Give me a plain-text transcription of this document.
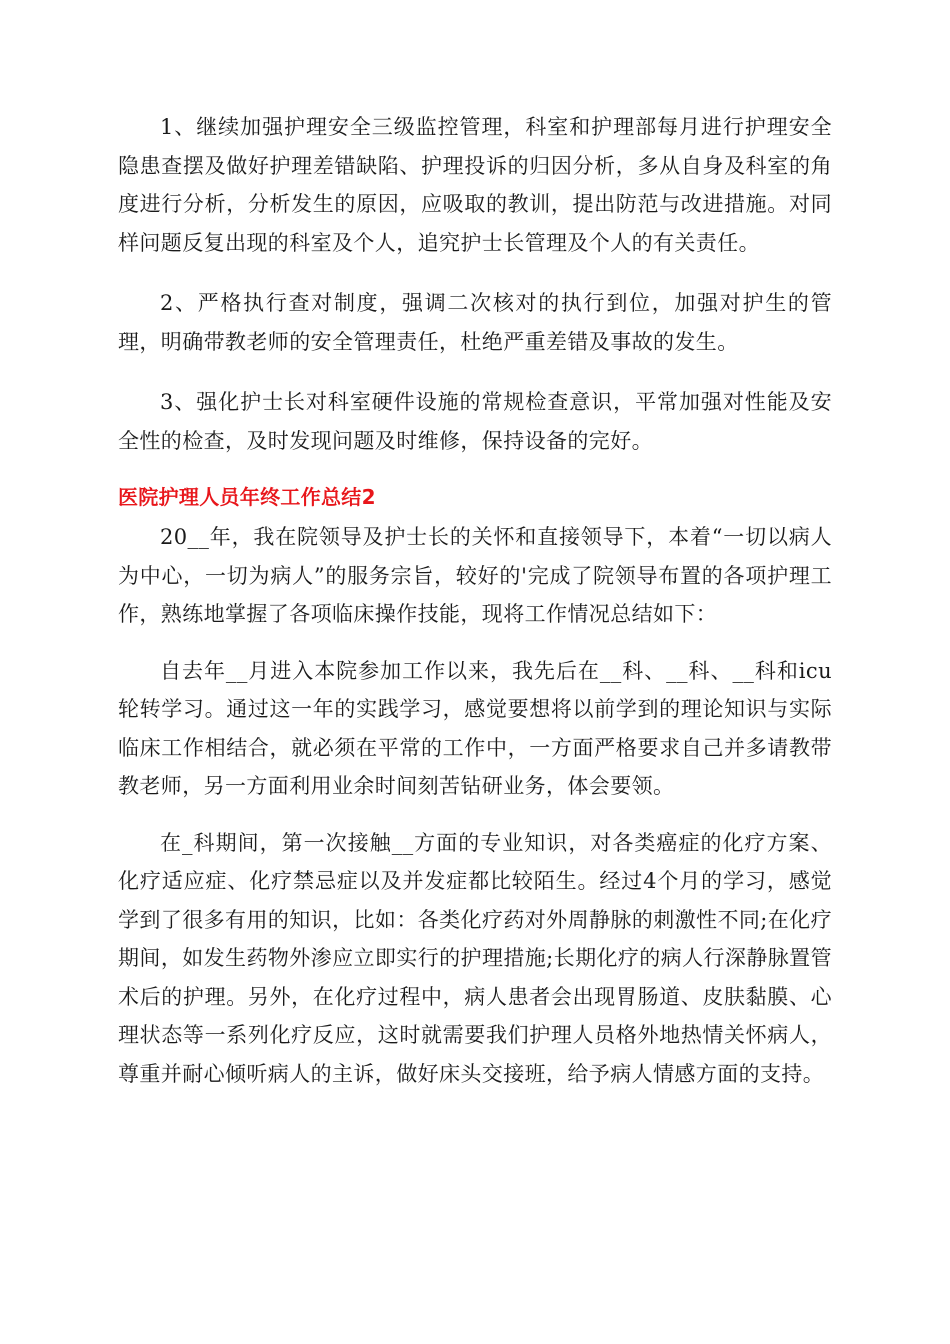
1、继续加强护理安全三级监控管理，科室和护理部每月进行护理安全隐患查摆及做好护理差错缺陷、护理投诉的归因分析，多从自身及科室的角度进行分析，分析发生的原因，应吸取的教训，提出防范与改进措施。对同样问题反复出现的科室及个人，追究护士长管理及个人的有关责任。

2、严格执行查对制度，强调二次核对的执行到位，加强对护生的管理，明确带教老师的安全管理责任，杜绝严重差错及事故的发生。

3、强化护士长对科室硬件设施的常规检查意识，平常加强对性能及安全性的检查，及时发现问题及时维修，保持设备的完好。

医院护理人员年终工作总结2

20__年，我在院领导及护士长的关怀和直接领导下，本着“一切以病人为中心，一切为病人”的服务宗旨，较好的'完成了院领导布置的各项护理工作，熟练地掌握了各项临床操作技能，现将工作情况总结如下：

自去年__月进入本院参加工作以来，我先后在__科、__科、__科和icu轮转学习。通过这一年的实践学习，感觉要想将以前学到的理论知识与实际临床工作相结合，就必须在平常的工作中，一方面严格要求自己并多请教带教老师，另一方面利用业余时间刻苦钻研业务，体会要领。

在_科期间，第一次接触__方面的专业知识，对各类癌症的化疗方案、化疗适应症、化疗禁忌症以及并发症都比较陌生。经过4个月的学习，感觉学到了很多有用的知识，比如：各类化疗药对外周静脉的刺激性不同;在化疗期间，如发生药物外渗应立即实行的护理措施;长期化疗的病人行深静脉置管术后的护理。另外，在化疗过程中，病人患者会出现胃肠道、皮肤黏膜、心理状态等一系列化疗反应，这时就需要我们护理人员格外地热情关怀病人，尊重并耐心倾听病人的主诉，做好床头交接班，给予病人情感方面的支持。
